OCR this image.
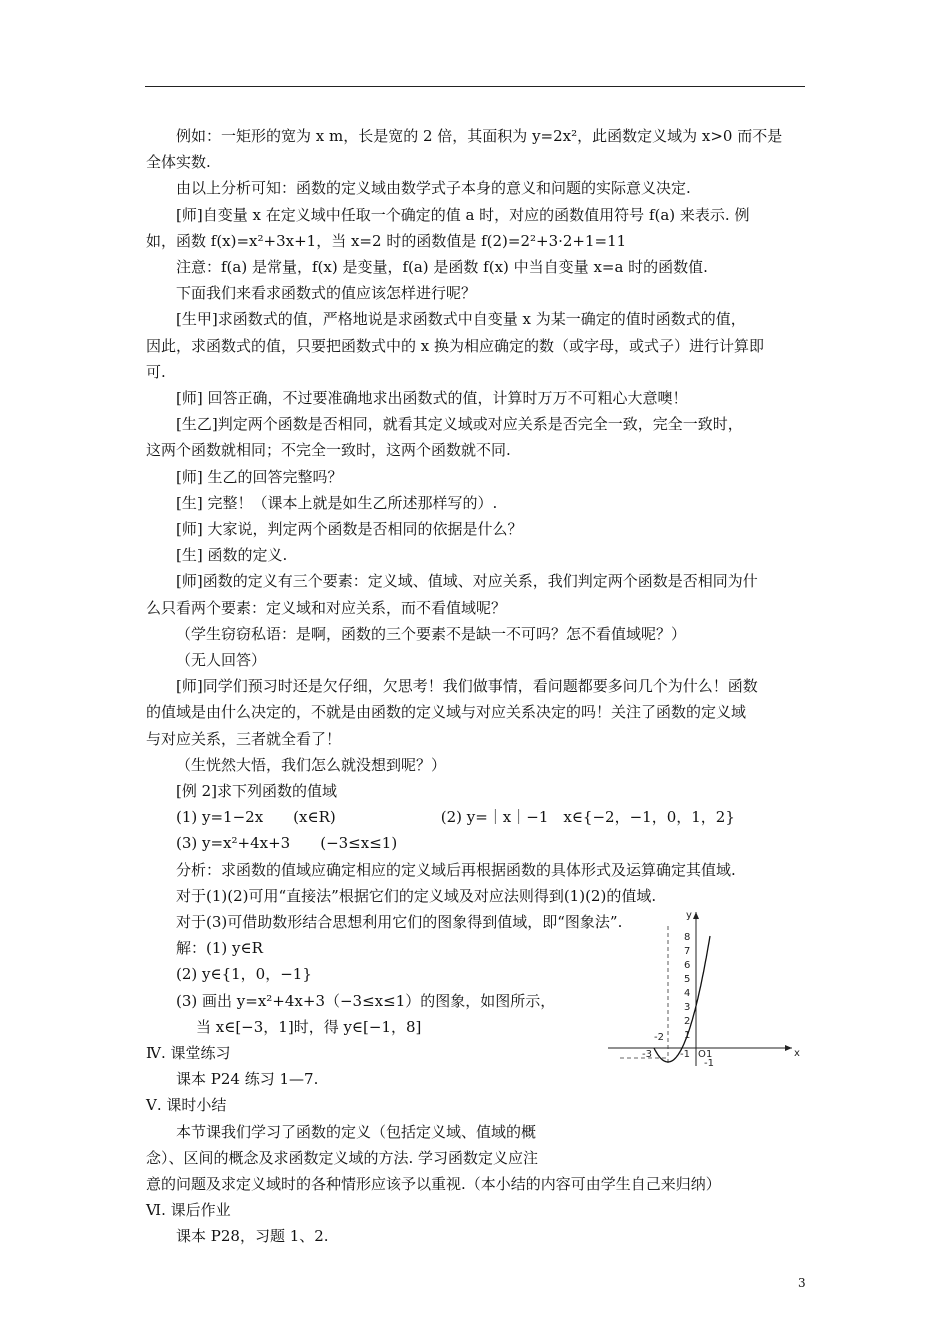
例如：一矩形的宽为 x m，长是宽的 2 倍，其面积为 y=2x²，此函数定义域为 x>0 而不是
全体实数.
由以上分析可知：函数的定义域由数学式子本身的意义和问题的实际意义决定.
[师]自变量 x 在定义域中任取一个确定的值 a 时，对应的函数值用符号 f(a) 来表示. 例
如，函数 f(x)=x²+3x+1，当 x=2 时的函数值是 f(2)=2²+3·2+1=11
注意：f(a) 是常量，f(x) 是变量，f(a) 是函数 f(x) 中当自变量 x=a 时的函数值.
下面我们来看求函数式的值应该怎样进行呢？
[生甲]求函数式的值，严格地说是求函数式中自变量 x 为某一确定的值时函数式的值，
因此，求函数式的值，只要把函数式中的 x 换为相应确定的数（或字母，或式子）进行计算即
可.
[师] 回答正确，不过要准确地求出函数式的值，计算时万万不可粗心大意噢！
[生乙]判定两个函数是否相同，就看其定义域或对应关系是否完全一致，完全一致时，
这两个函数就相同；不完全一致时，这两个函数就不同.
[师] 生乙的回答完整吗？
[生] 完整！（课本上就是如生乙所述那样写的）.
[师] 大家说，判定两个函数是否相同的依据是什么？
[生] 函数的定义.
[师]函数的定义有三个要素：定义域、值域、对应关系，我们判定两个函数是否相同为什
么只看两个要素：定义域和对应关系，而不看值域呢？
（学生窃窃私语：是啊，函数的三个要素不是缺一不可吗？怎不看值域呢？）
（无人回答）
[师]同学们预习时还是欠仔细，欠思考！我们做事情，看问题都要多问几个为什么！函数
的值域是由什么决定的，不就是由函数的定义域与对应关系决定的吗！关注了函数的定义域
与对应关系，三者就全看了！
（生恍然大悟，我们怎么就没想到呢？）
[例 2]求下列函数的值域
(1) y=1−2x　　(x∈R)　　　　　　　(2) y=｜x｜−1　x∈{−2，−1，0，1，2}
(3) y=x²+4x+3　　(−3≤x≤1)
分析：求函数的值域应确定相应的定义域后再根据函数的具体形式及运算确定其值域.
对于(1)(2)可用“直接法”根据它们的定义域及对应法则得到(1)(2)的值域.
对于(3)可借助数形结合思想利用它们的图象得到值域，即“图象法”.
解：(1) y∈R
(2) y∈{1，0，−1}
(3) 画出 y=x²+4x+3（−3≤x≤1）的图象，如图所示，
当 x∈[−3，1]时，得 y∈[−1，8]
Ⅳ. 课堂练习
课本 P24 练习 1—7.
Ⅴ. 课时小结
本节课我们学习了函数的定义（包括定义域、值域的概
念）、区间的概念及求函数定义域的方法. 学习函数定义应注
意的问题及求定义域时的各种情形应该予以重视.（本小结的内容可由学生自己来归纳）
Ⅵ. 课后作业
课本 P28，习题 1、2.
y
x
8
7
6
5
4
3
2
1
-3
-2
-1 O 1
-1
3
